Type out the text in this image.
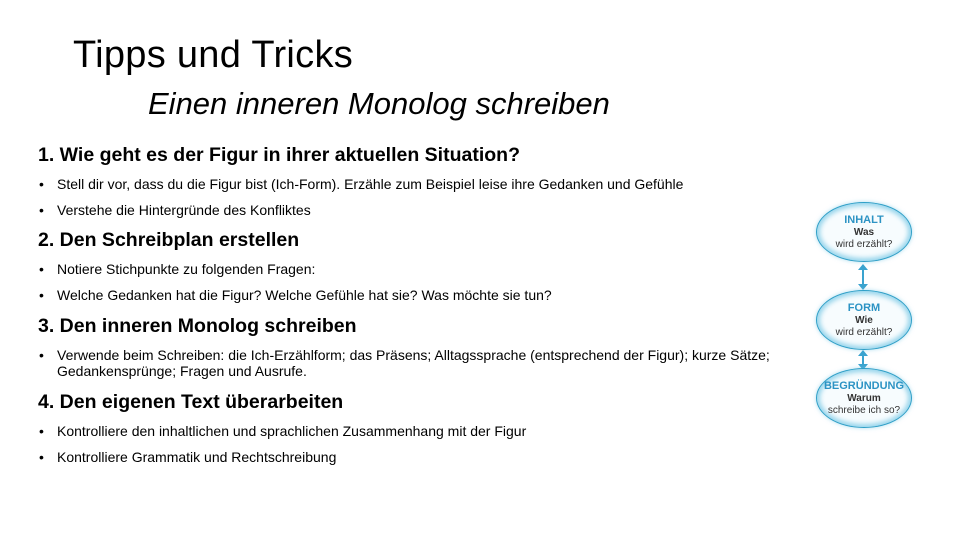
Tipps und Tricks
Einen inneren Monolog schreiben
1. Wie geht es der Figur in ihrer aktuellen Situation?
• Stell dir vor, dass du die Figur bist (Ich-Form). Erzähle zum Beispiel leise ihre Gedanken und Gefühle
• Verstehe die Hintergründe des Konfliktes
2. Den Schreibplan erstellen
• Notiere Stichpunkte zu folgenden Fragen:
• Welche Gedanken hat die Figur? Welche Gefühle hat sie? Was möchte sie tun?
3. Den inneren Monolog schreiben
• Verwende beim Schreiben: die Ich-Erzählform; das Präsens; Alltagssprache (entsprechend der Figur); kurze Sätze; Gedankensprünge; Fragen und Ausrufe.
4. Den eigenen Text überarbeiten
• Kontrolliere den inhaltlichen und sprachlichen Zusammenhang mit der Figur
• Kontrolliere Grammatik und Rechtschreibung
INHALT
Was
wird erzählt?
FORM
Wie
wird erzählt?
BEGRÜNDUNG
Warum
schreibe ich so?
